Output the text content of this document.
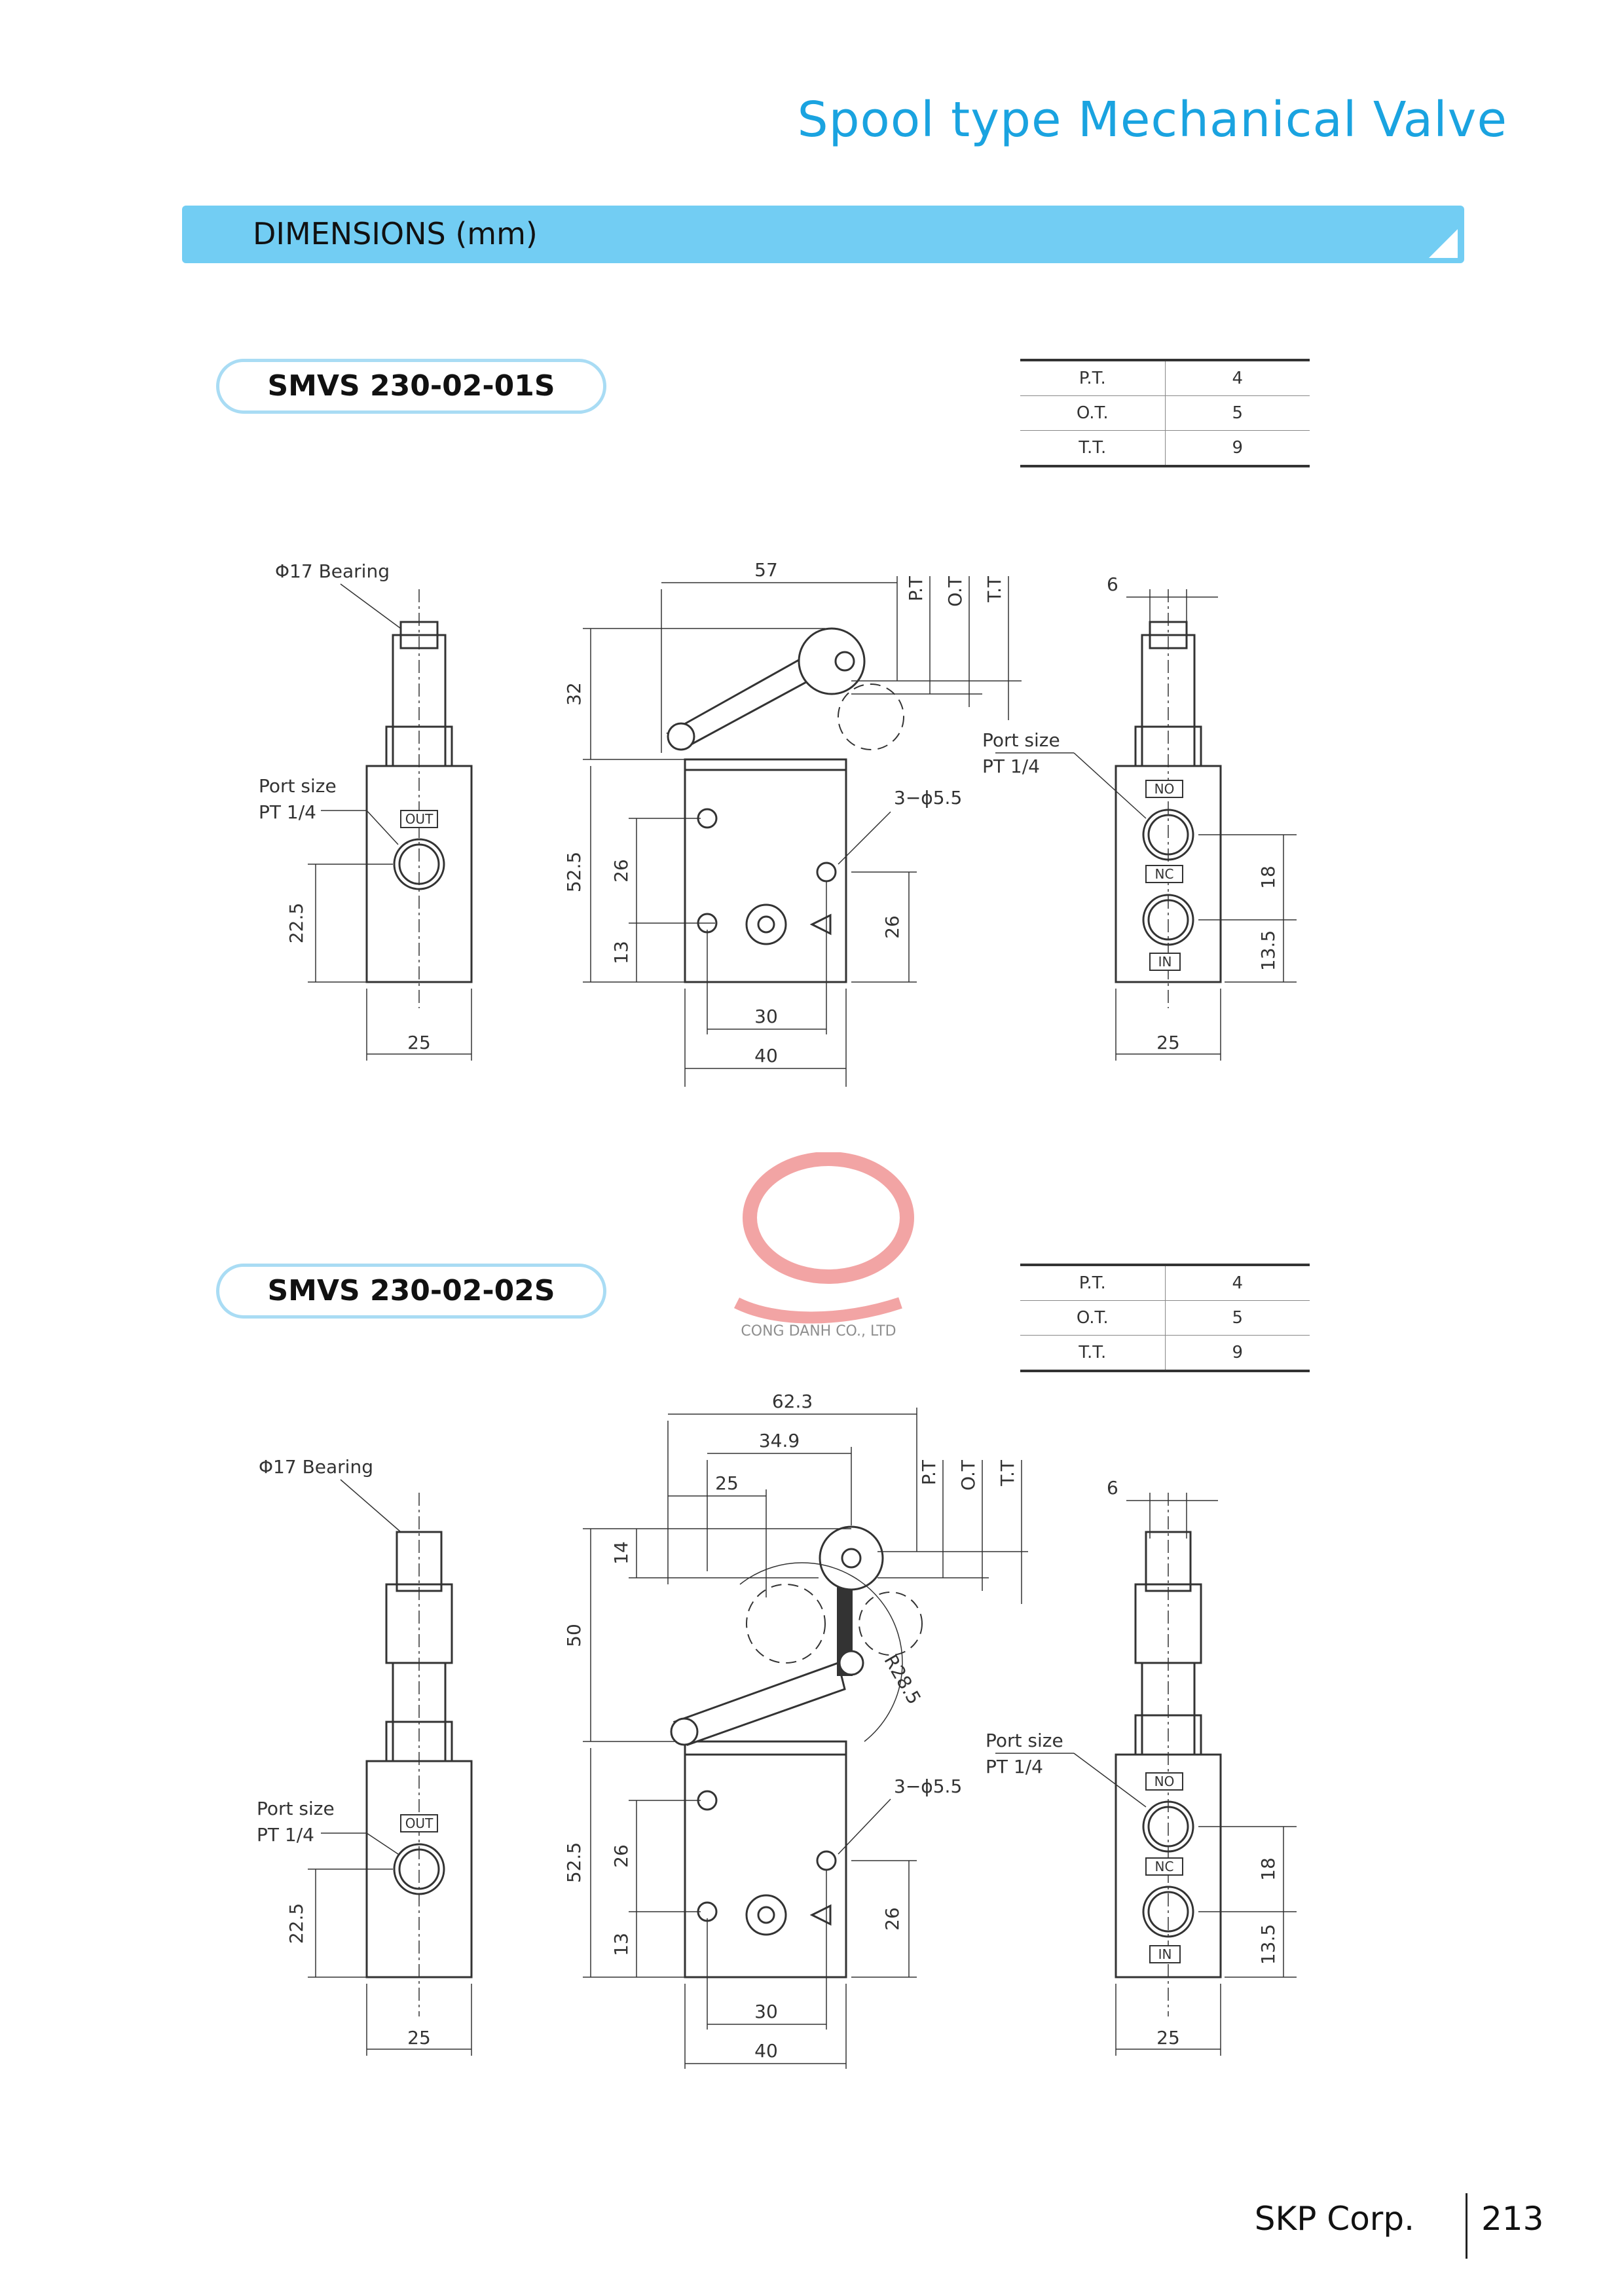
Spool type Mechanical Valve
DIMENSIONS (mm)
SMVS 230-02-01S	P.T.	4
O.T.	5
T.T.	9
OUT
NO
NC
IN
Φ17 Bearing
Port size
PT 1/4
Port size
PT 1/4
25
22.5
57
P.T O.T T.T
32
52.5 26
13
26
30
40
3−ϕ5.5
6
18
13.5
25
CONG DANH CO., LTD
SMVS 230-02-02S	P.T.	4
O.T.	5
T.T.	9
OUT
NO
NC
IN
Φ17 Bearing
Port size
PT 1/4
Port size
PT 1/4
25
22.5
62.3
34.9
25	P.T O.T T.T
14
50
R28.5
52.5 26
13
26
30
40
3−ϕ5.5
6
18
13.5
25
SKP Corp. 213
